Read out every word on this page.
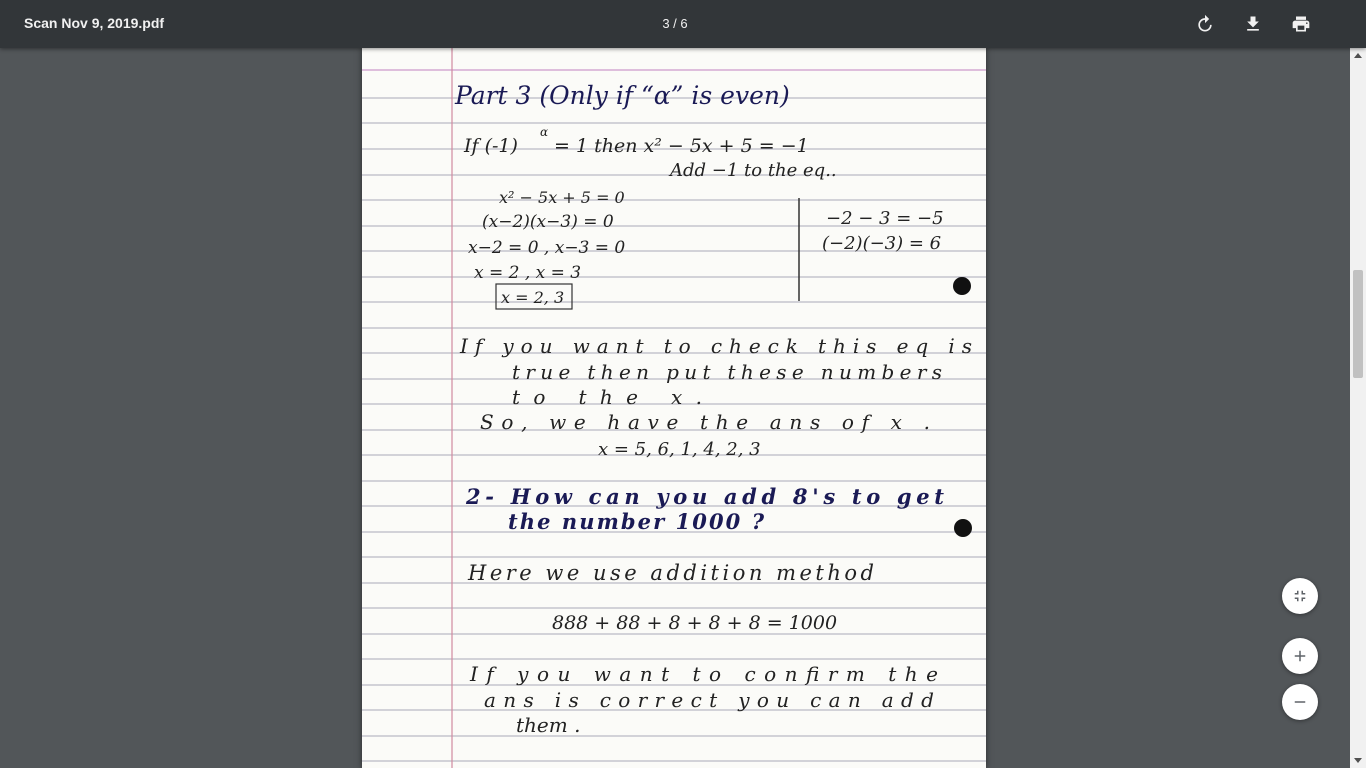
Scan Nov 9, 2019.pdf	3 / 6
Part 3 (Only if “α” is even)
If (-1)
α
= 1 then x² − 5x + 5 = −1
Add −1 to the eq..
x² − 5x + 5 = 0
(x−2)(x−3) = 0
x−2 = 0 , x−3 = 0
x = 2 , x = 3
x = 2, 3
−2 − 3 = −5
(−2)(−3) = 6
If you want to check this eq is
true then put these numbers
to the x.
So, we have the ans of x .
x = 5, 6, 1, 4, 2, 3
2- How can you add 8's to get
the number 1000 ?
Here we use addition method
888 + 88 + 8 + 8 + 8 = 1000
If you want to confirm the
ans is correct you can add
them .
